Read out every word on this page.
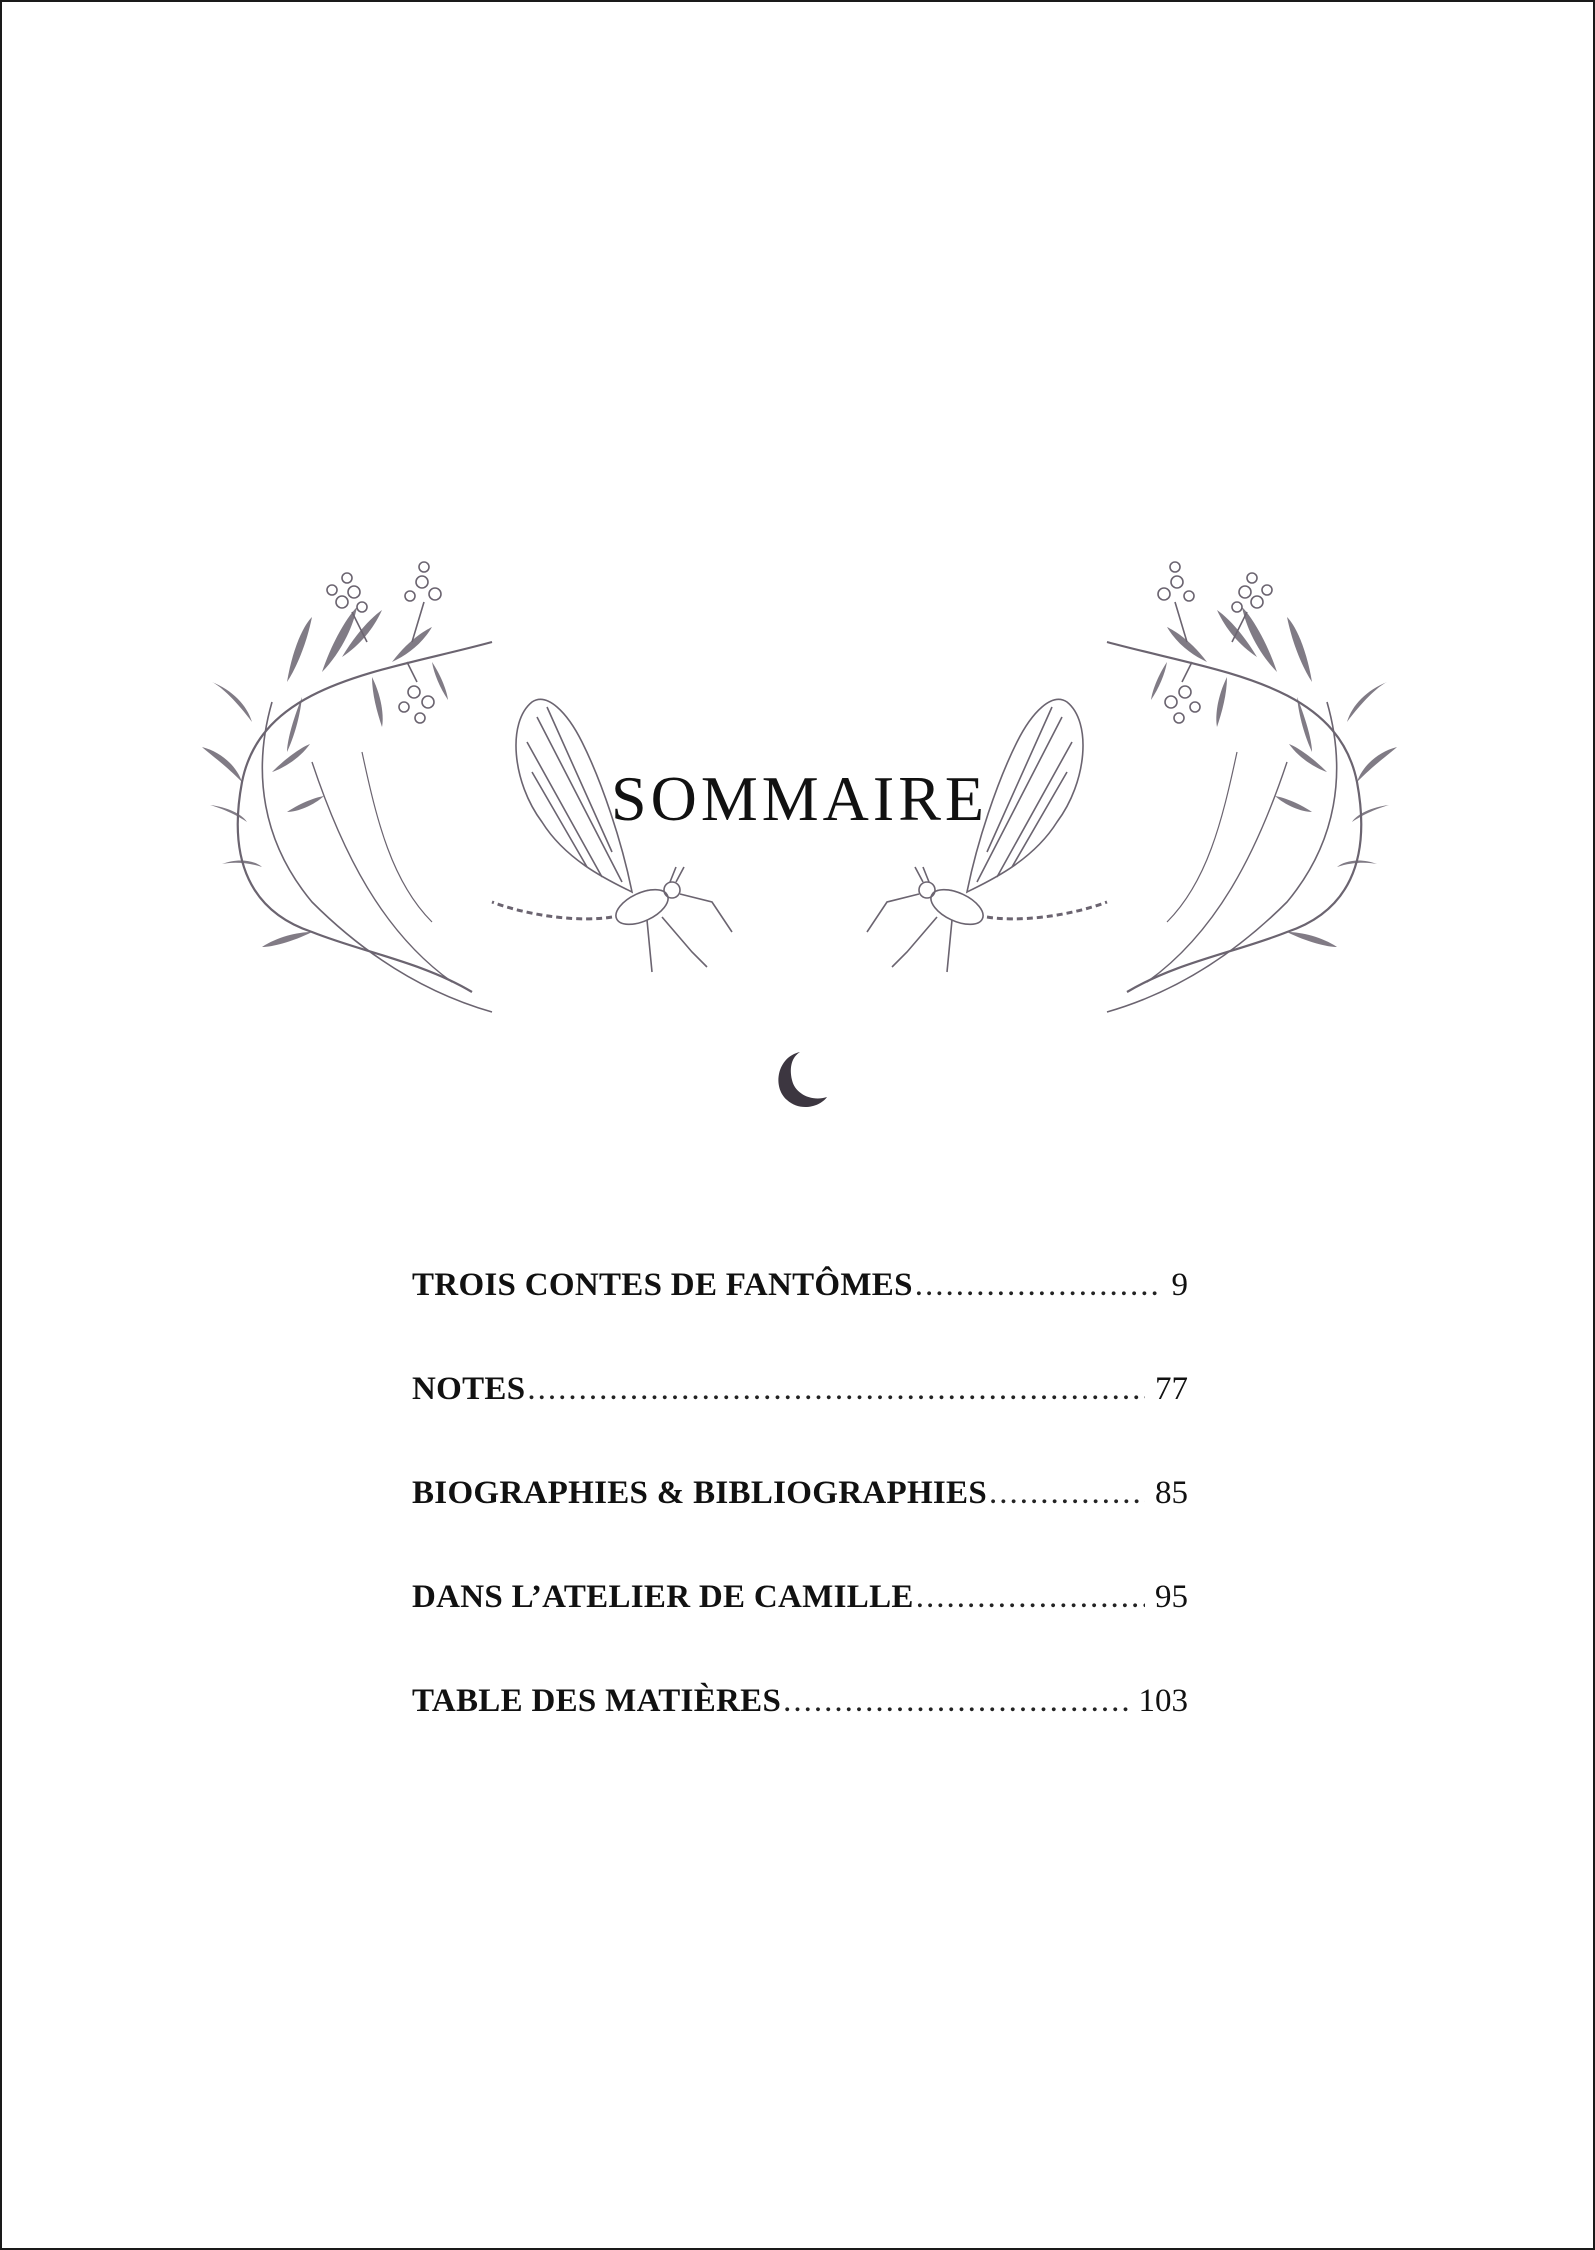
SOMMAIRE
TROIS CONTES DE FANTÔMES .....	9
NOTES .....	77
BIOGRAPHIES & BIBLIOGRAPHIES .....	85
DANS L’ATELIER DE CAMILLE .....	95
TABLE DES MATIÈRES .....	103
